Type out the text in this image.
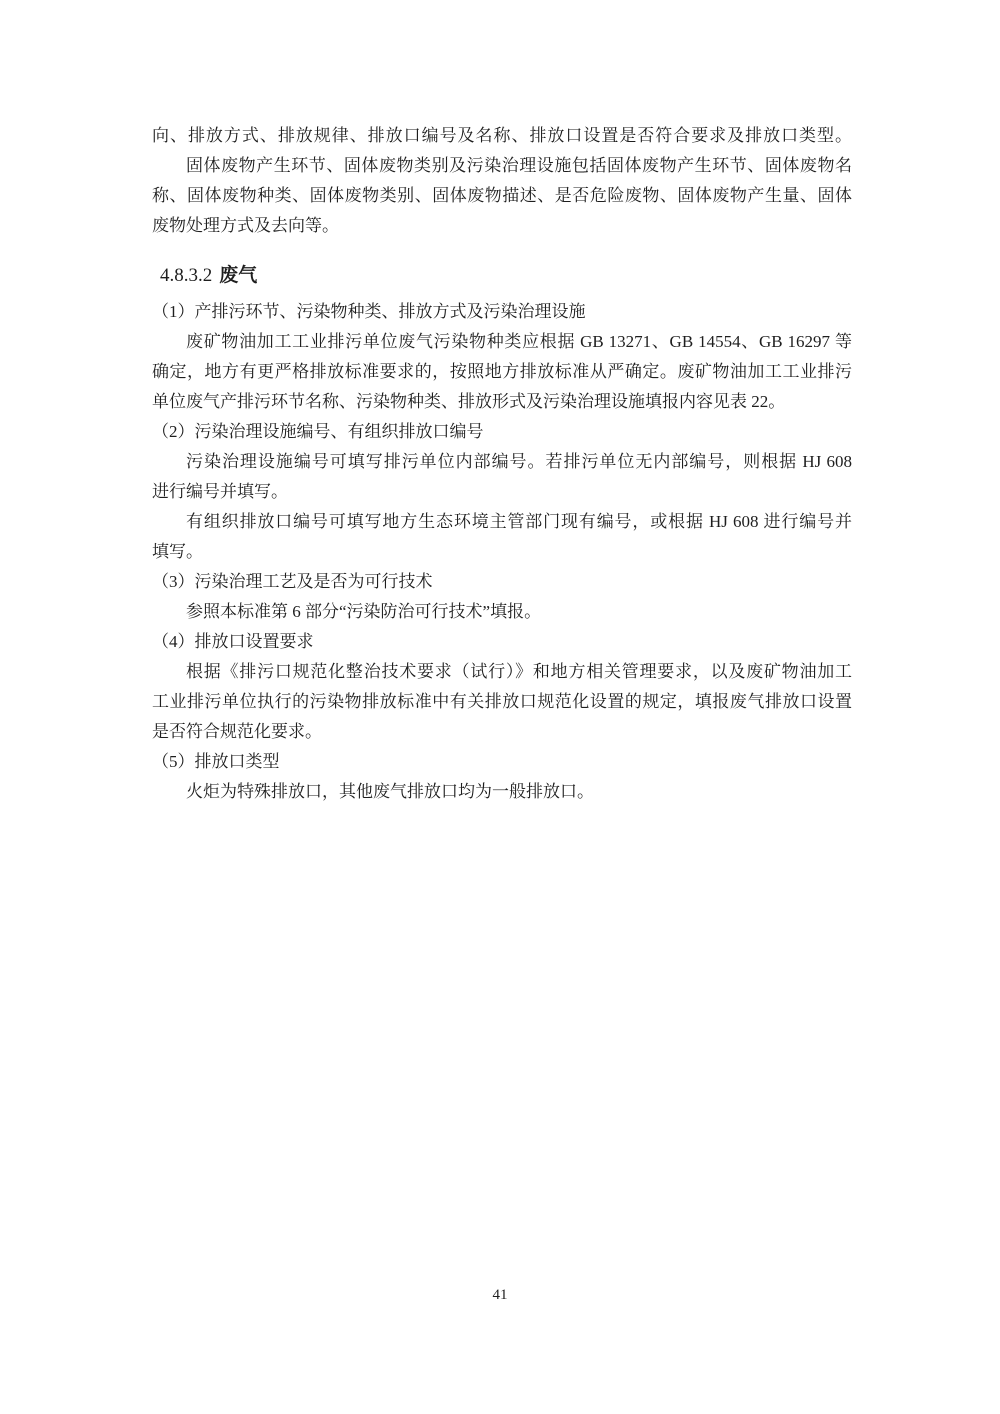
向、排放方式、排放规律、排放口编号及名称、排放口设置是否符合要求及排放口类型。
固体废物产生环节、固体废物类别及污染治理设施包括固体废物产生环节、固体废物名
称、固体废物种类、固体废物类别、固体废物描述、是否危险废物、固体废物产生量、固体
废物处理方式及去向等。
4.8.3.2 废气
（1）产排污环节、污染物种类、排放方式及污染治理设施
废矿物油加工工业排污单位废气污染物种类应根据 GB 13271、GB 14554、GB 16297 等
确定，地方有更严格排放标准要求的，按照地方排放标准从严确定。废矿物油加工工业排污
单位废气产排污环节名称、污染物种类、排放形式及污染治理设施填报内容见表 22。
（2）污染治理设施编号、有组织排放口编号
污染治理设施编号可填写排污单位内部编号。若排污单位无内部编号，则根据 HJ 608
进行编号并填写。
有组织排放口编号可填写地方生态环境主管部门现有编号，或根据 HJ 608 进行编号并
填写。
（3）污染治理工艺及是否为可行技术
参照本标准第 6 部分“污染防治可行技术”填报。
（4）排放口设置要求
根据《排污口规范化整治技术要求（试行）》和地方相关管理要求，以及废矿物油加工
工业排污单位执行的污染物排放标准中有关排放口规范化设置的规定，填报废气排放口设置
是否符合规范化要求。
（5）排放口类型
火炬为特殊排放口，其他废气排放口均为一般排放口。
41
